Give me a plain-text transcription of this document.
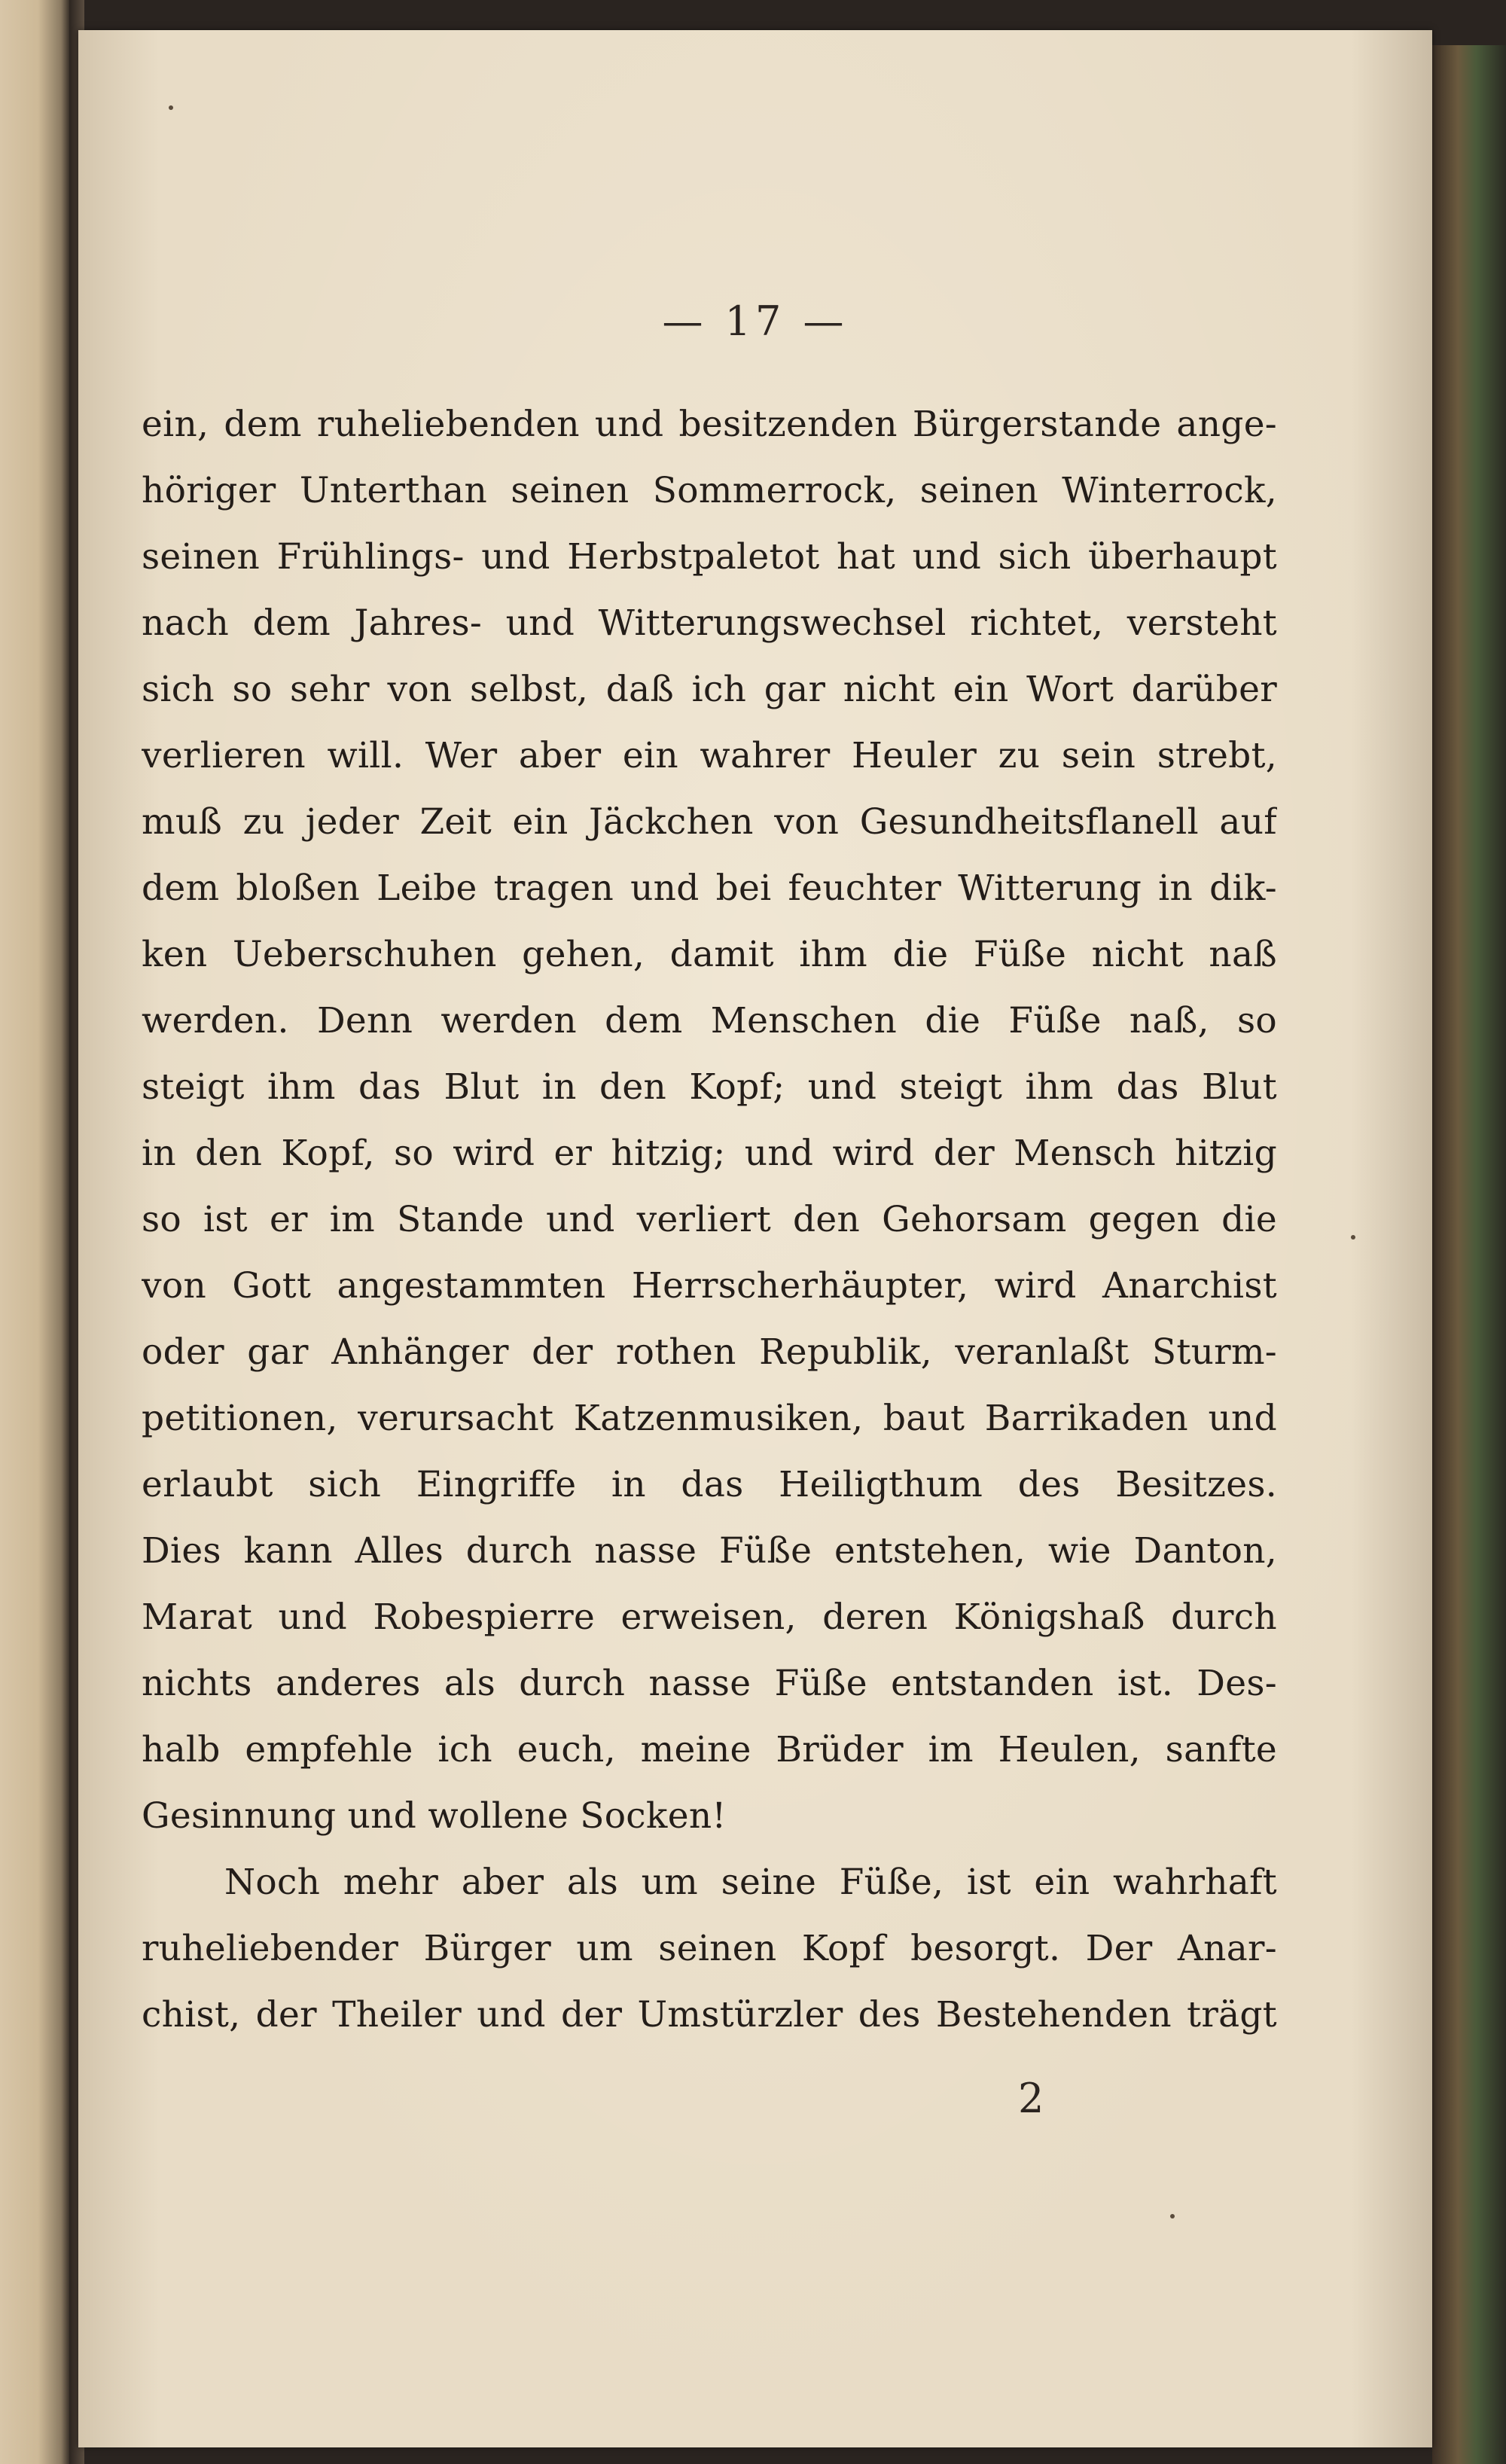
— 17 —
ein, dem ruheliebenden und besitzenden Bürgerstande ange-
höriger Unterthan seinen Sommerrock, seinen Winterrock,
seinen Frühlings- und Herbstpaletot hat und sich überhaupt
nach dem Jahres- und Witterungswechsel richtet, versteht
sich so sehr von selbst, daß ich gar nicht ein Wort darüber
verlieren will. Wer aber ein wahrer Heuler zu sein strebt,
muß zu jeder Zeit ein Jäckchen von Gesundheitsflanell auf
dem bloßen Leibe tragen und bei feuchter Witterung in dik-
ken Ueberschuhen gehen, damit ihm die Füße nicht naß
werden. Denn werden dem Menschen die Füße naß, so
steigt ihm das Blut in den Kopf; und steigt ihm das Blut
in den Kopf, so wird er hitzig; und wird der Mensch hitzig
so ist er im Stande und verliert den Gehorsam gegen die
von Gott angestammten Herrscherhäupter, wird Anarchist
oder gar Anhänger der rothen Republik, veranlaßt Sturm-
petitionen, verursacht Katzenmusiken, baut Barrikaden und
erlaubt sich Eingriffe in das Heiligthum des Besitzes.
Dies kann Alles durch nasse Füße entstehen, wie Danton,
Marat und Robespierre erweisen, deren Königshaß durch
nichts anderes als durch nasse Füße entstanden ist. Des-
halb empfehle ich euch, meine Brüder im Heulen, sanfte
Gesinnung und wollene Socken!
Noch mehr aber als um seine Füße, ist ein wahrhaft
ruheliebender Bürger um seinen Kopf besorgt. Der Anar-
chist, der Theiler und der Umstürzler des Bestehenden trägt
2
